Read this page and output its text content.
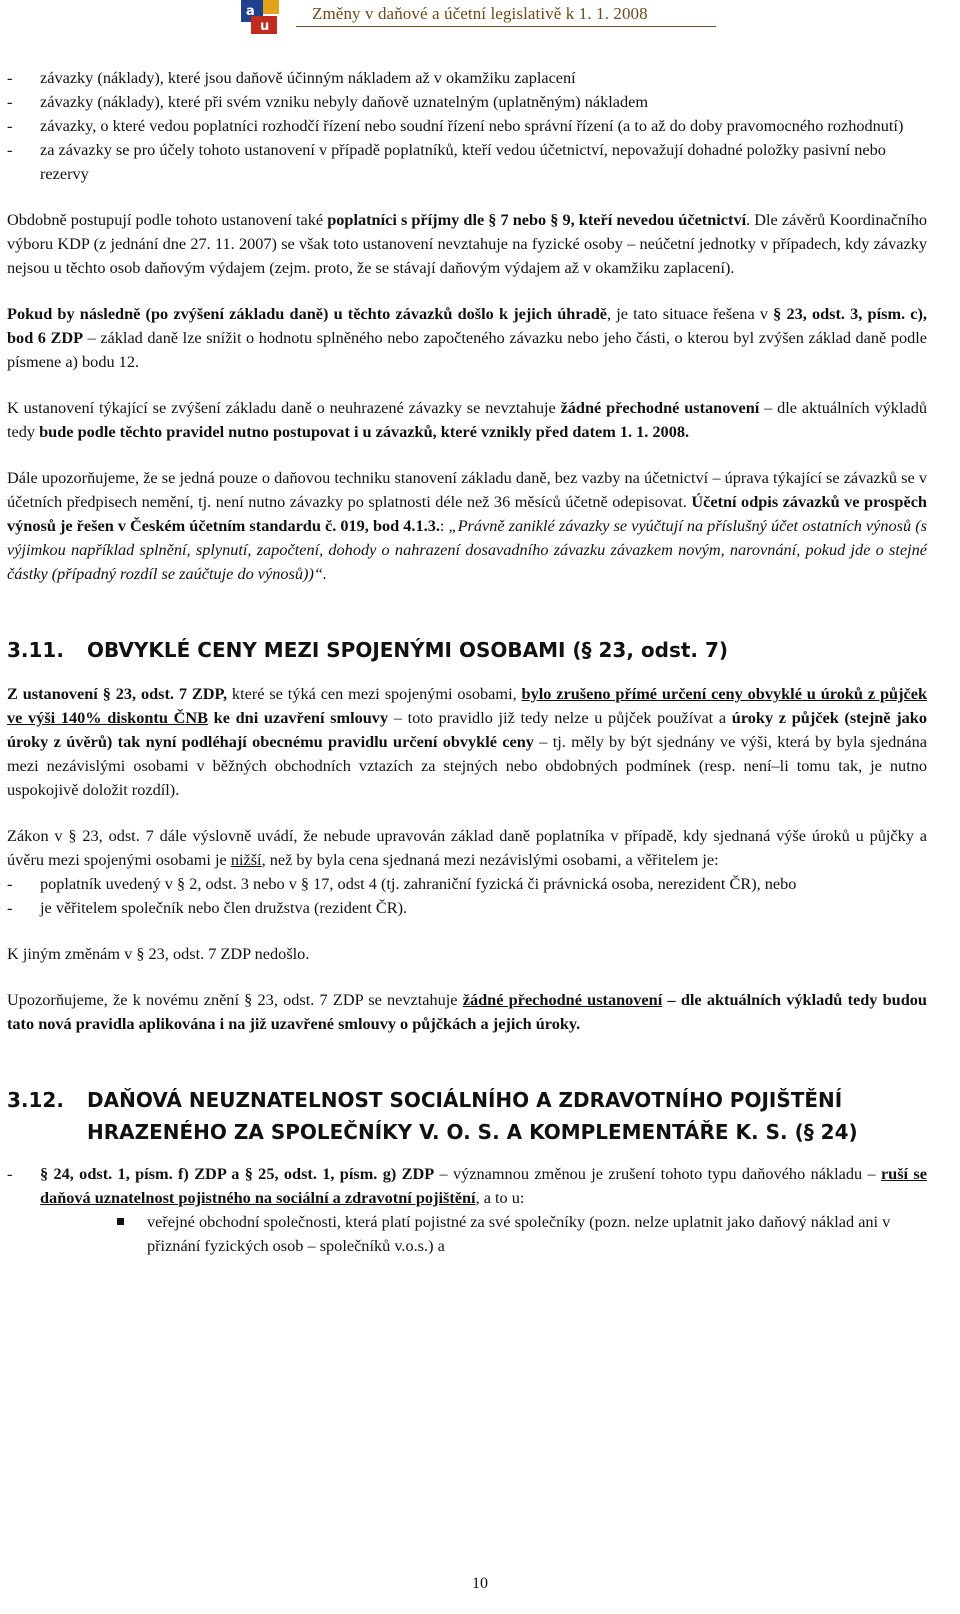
a
u
Změny v daňové a účetní legislativě k 1. 1. 2008
- závazky (náklady), které jsou daňově účinným nákladem až v okamžiku zaplacení
- závazky (náklady), které při svém vzniku nebyly daňově uznatelným (uplatněným) nákladem
- závazky, o které vedou poplatníci rozhodčí řízení nebo soudní řízení nebo správní řízení (a to až do doby pravomocného rozhodnutí)
- za závazky se pro účely tohoto ustanovení v případě poplatníků, kteří vedou účetnictví, nepovažují dohadné položky pasivní nebo rezervy
Obdobně postupují podle tohoto ustanovení také poplatníci s příjmy dle § 7 nebo § 9, kteří nevedou účetnictví. Dle závěrů Koordinačního výboru KDP (z jednání dne 27. 11. 2007) se však toto ustanovení nevztahuje na fyzické osoby – neúčetní jednotky v případech, kdy závazky nejsou u těchto osob daňovým výdajem (zejm. proto, že se stávají daňovým výdajem až v okamžiku zaplacení).
Pokud by následně (po zvýšení základu daně) u těchto závazků došlo k jejich úhradě, je tato situace řešena v § 23, odst. 3, písm. c), bod 6 ZDP – základ daně lze snížit o hodnotu splněného nebo započteného závazku nebo jeho části, o kterou byl zvýšen základ daně podle písmene a) bodu 12.
K ustanovení týkající se zvýšení základu daně o neuhrazené závazky se nevztahuje žádné přechodné ustanovení – dle aktuálních výkladů tedy bude podle těchto pravidel nutno postupovat i u závazků, které vznikly před datem 1. 1. 2008.
Dále upozorňujeme, že se jedná pouze o daňovou techniku stanovení základu daně, bez vazby na účetnictví – úprava týkající se závazků se v účetních předpisech nemění, tj. není nutno závazky po splatnosti déle než 36 měsíců účetně odepisovat. Účetní odpis závazků ve prospěch výnosů je řešen v Českém účetním standardu č. 019, bod 4.1.3.: „Právně zaniklé závazky se vyúčtují na příslušný účet ostatních výnosů (s výjimkou například splnění, splynutí, započtení, dohody o nahrazení dosavadního závazku závazkem novým, narovnání, pokud jde o stejné částky (případný rozdíl se zaúčtuje do výnosů))“.
3.11.	OBVYKLÉ CENY MEZI SPOJENÝMI OSOBAMI (§ 23, odst. 7)
Z ustanovení § 23, odst. 7 ZDP, které se týká cen mezi spojenými osobami, bylo zrušeno přímé určení ceny obvyklé u úroků z půjček ve výši 140% diskontu ČNB ke dni uzavření smlouvy – toto pravidlo již tedy nelze u půjček používat a úroky z půjček (stejně jako úroky z úvěrů) tak nyní podléhají obecnému pravidlu určení obvyklé ceny – tj. měly by být sjednány ve výši, která by byla sjednána mezi nezávislými osobami v běžných obchodních vztazích za stejných nebo obdobných podmínek (resp. není–li tomu tak, je nutno uspokojivě doložit rozdíl).
Zákon v § 23, odst. 7 dále výslovně uvádí, že nebude upravován základ daně poplatníka v případě, kdy sjednaná výše úroků u půjčky a úvěru mezi spojenými osobami je nižší, než by byla cena sjednaná mezi nezávislými osobami, a věřitelem je:
- poplatník uvedený v § 2, odst. 3 nebo v § 17, odst 4 (tj. zahraniční fyzická či právnická osoba, nerezident ČR), nebo
- je věřitelem společník nebo člen družstva (rezident ČR).
K jiným změnám v § 23, odst. 7 ZDP nedošlo.
Upozorňujeme, že k novému znění § 23, odst. 7 ZDP se nevztahuje žádné přechodné ustanovení – dle aktuálních výkladů tedy budou tato nová pravidla aplikována i na již uzavřené smlouvy o půjčkách a jejich úroky.
3.12.	DAŇOVÁ NEUZNATELNOST SOCIÁLNÍHO A ZDRAVOTNÍHO POJIŠTĚNÍ HRAZENÉHO ZA SPOLEČNÍKY V. O. S. A KOMPLEMENTÁŘE K. S. (§ 24)
- § 24, odst. 1, písm. f) ZDP a § 25, odst. 1, písm. g) ZDP – významnou změnou je zrušení tohoto typu daňového nákladu – ruší se daňová uznatelnost pojistného na sociální a zdravotní pojištění, a to u:
veřejné obchodní společnosti, která platí pojistné za své společníky (pozn. nelze uplatnit jako daňový náklad ani v přiznání fyzických osob – společníků v.o.s.) a
10
